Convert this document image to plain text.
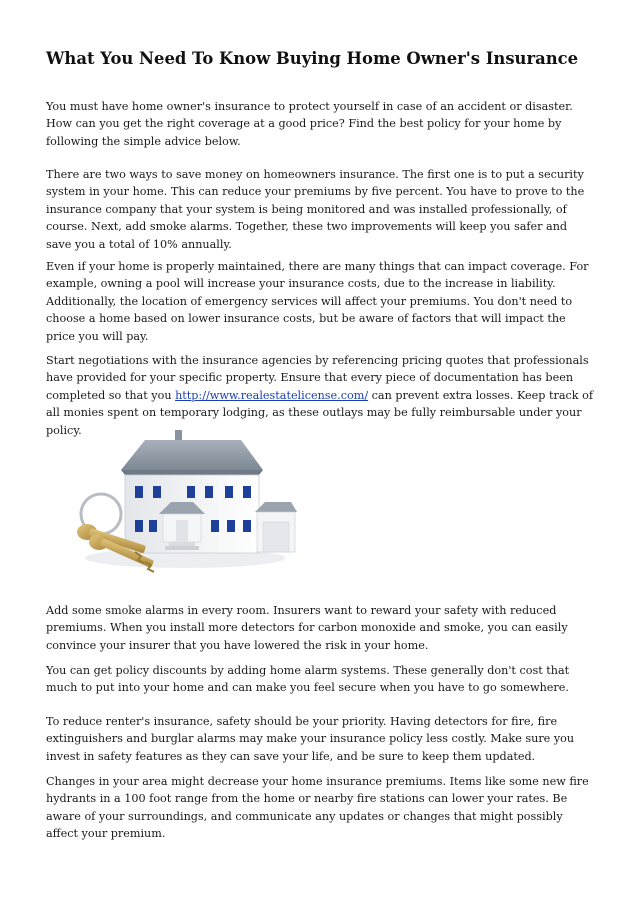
What You Need To Know Buying Home Owner's Insurance

You must have home owner's insurance to protect yourself in case of an accident or disaster. How can you get the right coverage at a good price? Find the best policy for your home by following the simple advice below.

There are two ways to save money on homeowners insurance. The first one is to put a security system in your home. This can reduce your premiums by five percent. You have to prove to the insurance company that your system is being monitored and was installed professionally, of course. Next, add smoke alarms. Together, these two improvements will keep you safer and save you a total of 10% annually.

Even if your home is properly maintained, there are many things that can impact coverage. For example, owning a pool will increase your insurance costs, due to the increase in liability. Additionally, the location of emergency services will affect your premiums. You don't need to choose a home based on lower insurance costs, but be aware of factors that will impact the price you will pay.

Start negotiations with the insurance agencies by referencing pricing quotes that professionals have provided for your specific property. Ensure that every piece of documentation has been completed so that you http://www.realestatelicense.com/ can prevent extra losses. Keep track of all monies spent on temporary lodging, as these outlays may be fully reimbursable under your policy.

Add some smoke alarms in every room. Insurers want to reward your safety with reduced premiums. When you install more detectors for carbon monoxide and smoke, you can easily convince your insurer that you have lowered the risk in your home.

You can get policy discounts by adding home alarm systems. These generally don't cost that much to put into your home and can make you feel secure when you have to go somewhere.

To reduce renter's insurance, safety should be your priority. Having detectors for fire, fire extinguishers and burglar alarms may make your insurance policy less costly. Make sure you invest in safety features as they can save your life, and be sure to keep them updated.

Changes in your area might decrease your home insurance premiums. Items like some new fire hydrants in a 100 foot range from the home or nearby fire stations can lower your rates. Be aware of your surroundings, and communicate any updates or changes that might possibly affect your premium.
